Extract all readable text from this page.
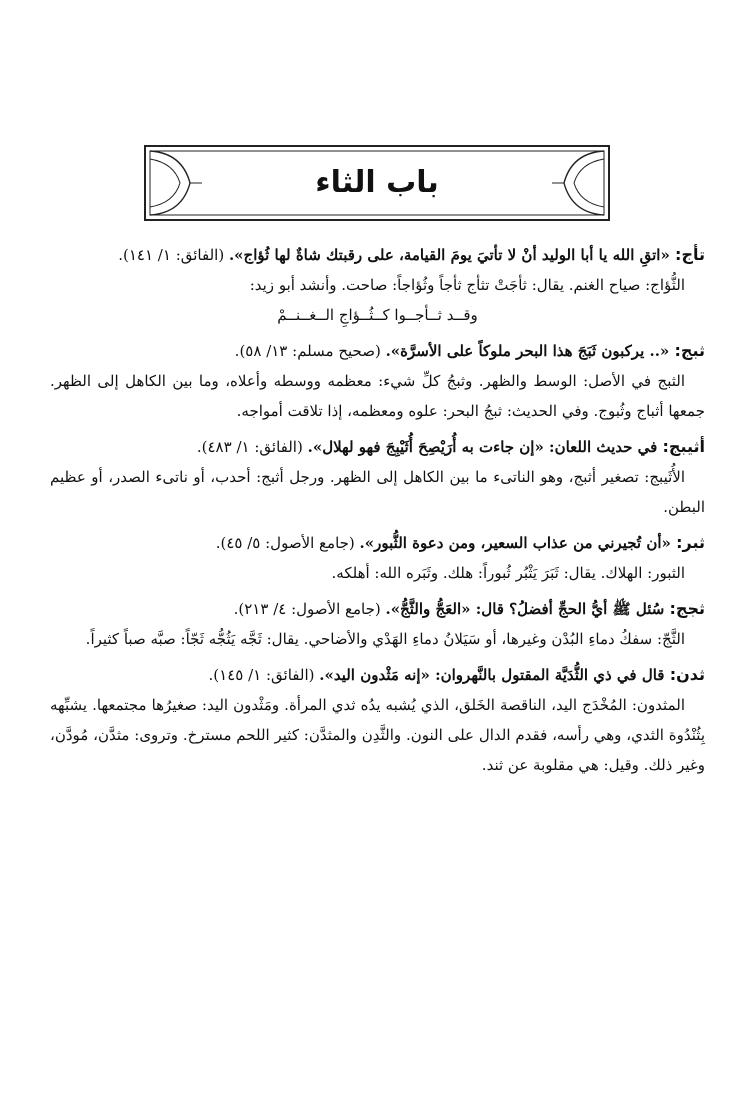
باب الثاء

تأج: «اتقِ الله يا أبا الوليد أنْ لا تأتيَ يومَ القيامة، على رقبتك شاةٌ لها ثُؤاج». (الفائق: ١/ ١٤١).

الثُّؤاج: صياح الغنم. يقال: ثأجَتْ تثأج ثأجاً وثُؤاجاً: صاحت. وأنشد أبو زيد:

وقــد ثــأجــوا كــثُــؤاجِ الــغــنــمْ

ثبج: «.. يركبون ثَبَجَ هذا البحر ملوكاً على الأسرَّة». (صحيح مسلم: ١٣/ ٥٨).

الثبج في الأصل: الوسط والظهر. وثبجُ كلِّ شيء: معظمه ووسطه وأعلاه، وما بين الكاهل إلى الظهر. جمعها أثباج وثُبوج. وفي الحديث: ثبجُ البحر: علوه ومعظمه، إذا تلاقت أمواجه.

أثيبج: في حديث اللعان: «إن جاءت به أُرَيْصِحَ أُثَيْبِجَ فهو لهلال». (الفائق: ١/ ٤٨٣).

الأُثَيبج: تصغير أثبج، وهو الناتىء ما بين الكاهل إلى الظهر. ورجل أثبج: أحدب، أو ناتىء الصدر، أو عظيم البطن.

ثبر: «أن تُجيرني من عذاب السعير، ومن دعوة الثُّبور». (جامع الأصول: ٥/ ٤٥).

الثبور: الهلاك. يقال: ثَبَرَ يَثْبُر ثُبوراً: هلك. وثَبَره الله: أهلكه.

ثجج: سُئل ﷺ أيُّ الحجِّ أفضلُ؟ قال: «العَجُّ والثَّجُّ». (جامع الأصول: ٤/ ٢١٣).

الثَّجّ: سفكُ دماءِ البُدْن وغيرها، أو سَيَلانُ دماءِ الهَدْي والأضاحي. يقال: ثَجَّه يَثُجُّه ثَجّاً: صبَّه صباً كثيراً.

ثدن: قال في ذي الثُّدَيَّة المقتول بالنَّهروان: «إنه مَثْدون اليد». (الفائق: ١/ ١٤٥).

المثدون: المُخْدَج اليد، الناقصة الخَلق، الذي يُشبه يدُه ثدي المرأة. ومَثْدون اليد: صغيرُها مجتمعها. يشبِّهه بِثُنْدُوة الثدي، وهي رأسه، فقدم الدال على النون. والثَّدِن والمثدَّن: كثير اللحم مسترخ. وتروى: مثدَّن، مُودَّن، وغير ذلك. وقيل: هي مقلوبة عن ثند.
